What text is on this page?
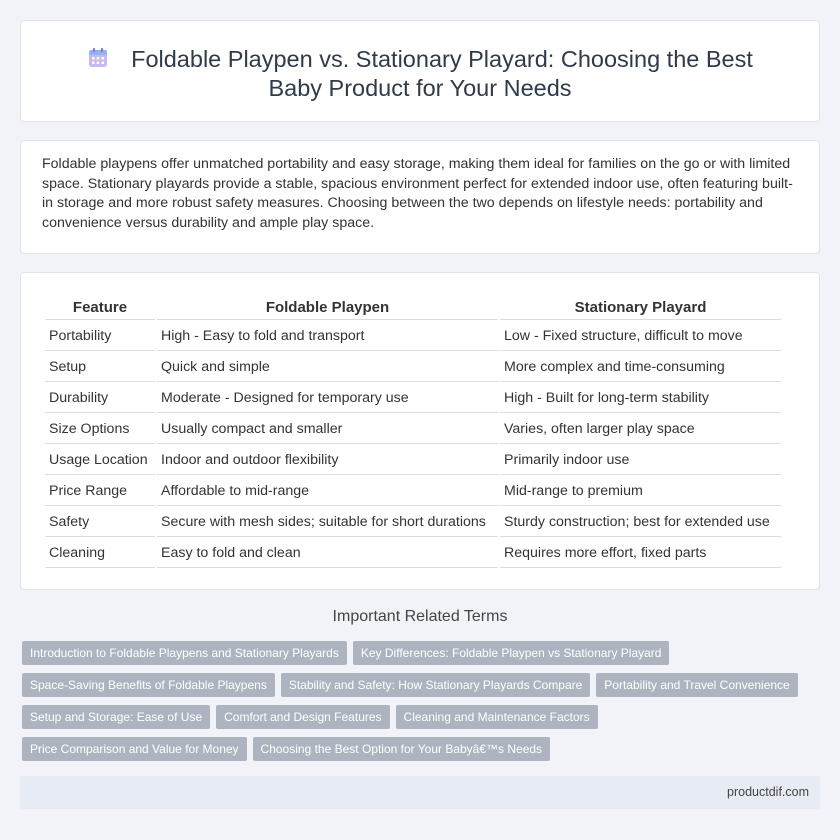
Foldable Playpen vs. Stationary Playard: Choosing the Best Baby Product for Your Needs

Foldable playpens offer unmatched portability and easy storage, making them ideal for families on the go or with limited space. Stationary playards provide a stable, spacious environment perfect for extended indoor use, often featuring built-in storage and more robust safety measures. Choosing between the two depends on lifestyle needs: portability and convenience versus durability and ample play space.

Feature	Foldable Playpen	Stationary Playard
Portability	High - Easy to fold and transport	Low - Fixed structure, difficult to move
Setup	Quick and simple	More complex and time-consuming
Durability	Moderate - Designed for temporary use	High - Built for long-term stability
Size Options	Usually compact and smaller	Varies, often larger play space
Usage Location	Indoor and outdoor flexibility	Primarily indoor use
Price Range	Affordable to mid-range	Mid-range to premium
Safety	Secure with mesh sides; suitable for short durations	Sturdy construction; best for extended use
Cleaning	Easy to fold and clean	Requires more effort, fixed parts
Important Related Terms
Introduction to Foldable Playpens and Stationary Playards	Key Differences: Foldable Playpen vs Stationary Playard
Space-Saving Benefits of Foldable Playpens	Stability and Safety: How Stationary Playards Compare	Portability and Travel Convenience
Setup and Storage: Ease of Use	Comfort and Design Features	Cleaning and Maintenance Factors
Price Comparison and Value for Money	Choosing the Best Option for Your Babyâ€™s Needs
productdif.com
